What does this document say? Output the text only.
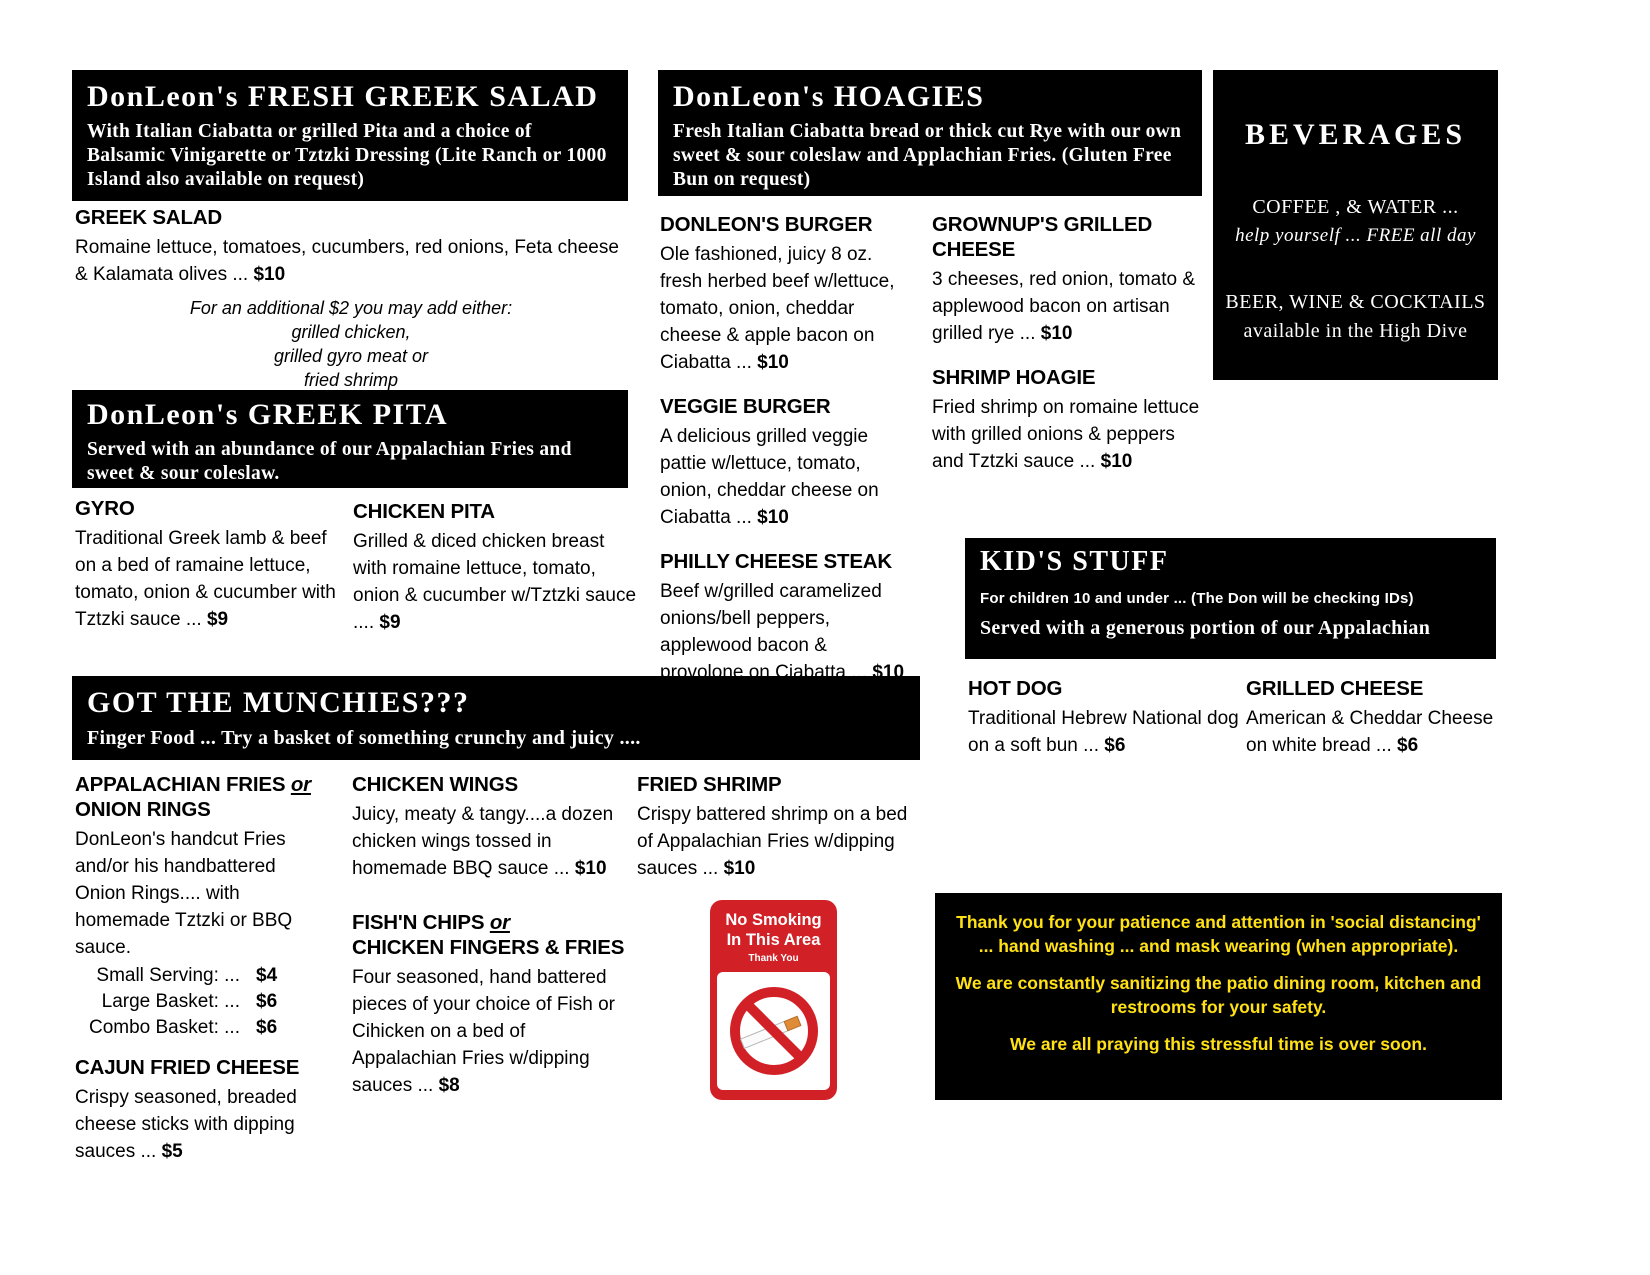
DonLeon's FRESH GREEK SALAD
With Italian Ciabatta or grilled Pita and a choice of Balsamic Vinigarette or Tztzki Dressing (Lite Ranch or 1000 Island also available on request)
GREEK SALAD
Romaine lettuce, tomatoes, cucumbers, red onions, Feta cheese & Kalamata olives ... $10
For an additional $2 you may add either:
grilled chicken,
grilled gyro meat or
fried shrimp
DonLeon's GREEK PITA
Served with an abundance of our Appalachian Fries and sweet & sour coleslaw.
GYRO
Traditional Greek lamb & beef on a bed of ramaine lettuce, tomato, onion & cucumber with Tztzki sauce ... $9
CHICKEN PITA
Grilled & diced chicken breast with romaine lettuce, tomato, onion & cucumber w/Tztzki sauce .... $9
GOT THE MUNCHIES???
Finger Food ... Try a basket of something crunchy and juicy ....
APPALACHIAN FRIES or
ONION RINGS
DonLeon's handcut Fries and/or his handbattered Onion Rings.... with homemade Tztzki or BBQ sauce.
Small Serving: ... $4
Large Basket: ... $6
Combo Basket: ... $6
CAJUN FRIED CHEESE
Crispy seasoned, breaded cheese sticks with dipping sauces ... $5
CHICKEN WINGS
Juicy, meaty & tangy....a dozen chicken wings tossed in homemade BBQ sauce ... $10
FISH'N CHIPS or
CHICKEN FINGERS & FRIES
Four seasoned, hand battered pieces of your choice of Fish or Cihicken on a bed of Appalachian Fries w/dipping sauces ... $8
FRIED SHRIMP
Crispy battered shrimp on a bed of Appalachian Fries w/dipping sauces ... $10
DonLeon's HOAGIES
Fresh Italian Ciabatta bread or thick cut Rye with our own sweet & sour coleslaw and Applachian Fries. (Gluten Free Bun on request)
DONLEON'S BURGER
Ole fashioned, juicy 8 oz. fresh herbed beef w/lettuce, tomato, onion, cheddar cheese & apple bacon on Ciabatta ... $10
VEGGIE BURGER
A delicious grilled veggie pattie w/lettuce, tomato, onion, cheddar cheese on Ciabatta ... $10
PHILLY CHEESE STEAK
Beef w/grilled caramelized onions/bell peppers, applewood bacon & provolone on Ciabatta ... $10
GROWNUP'S GRILLED CHEESE
3 cheeses, red onion, tomato & applewood bacon on artisan grilled rye ... $10
SHRIMP HOAGIE
Fried shrimp on romaine lettuce with grilled onions & peppers and Tztzki sauce ... $10
BEVERAGES
COFFEE , & WATER ...
help yourself ... FREE all day
BEER, WINE & COCKTAILS
available in the High Dive
KID'S STUFF
For children 10 and under ... (The Don will be checking IDs)
Served with a generous portion of our Appalachian
HOT DOG
Traditional Hebrew National dog on a soft bun ... $6
GRILLED CHEESE
American & Cheddar Cheese on white bread ... $6
No Smoking
In This Area
Thank You

Thank you for your patience and attention in 'social distancing' ... hand washing ... and mask wearing (when appropriate).

We are constantly sanitizing the patio dining room, kitchen and restrooms for your safety.

We are all praying this stressful time is over soon.
